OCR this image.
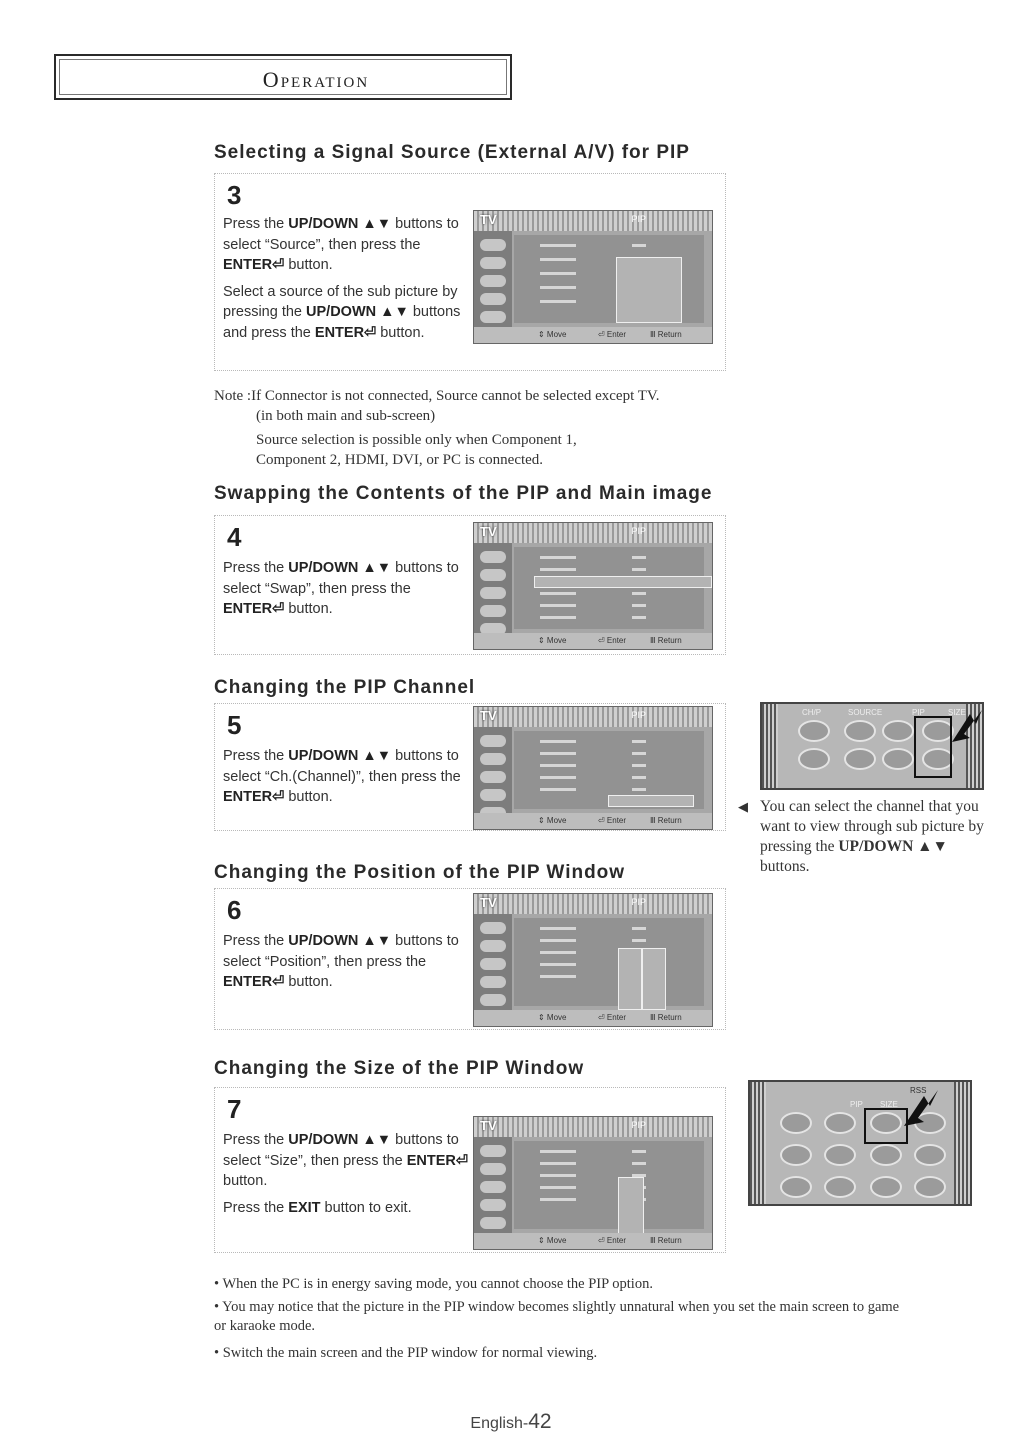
Operation
Selecting a Signal Source (External A/V) for PIP
3

Press the UP/DOWN ▲▼ buttons to select “Source”, then press the ENTER⏎ button.

Select a source of the sub picture by pressing the UP/DOWN ▲▼ buttons and press the ENTER⏎ button.

TV	PIP
⇕ Move	⏎ Enter	Ⅲ Return
Note :If Connector is not connected, Source cannot be selected except TV.
(in both main and sub-screen)
Source selection is possible only when Component 1,
Component 2, HDMI, DVI, or PC is connected.
Swapping the Contents of the PIP and Main image
4

Press the UP/DOWN ▲▼ buttons to select “Swap”, then press the ENTER⏎ button.

TV	PIP
⇕ Move	⏎ Enter	Ⅲ Return
Changing the PIP Channel
5

Press the UP/DOWN ▲▼ buttons to select “Ch.(Channel)”, then press the ENTER⏎ button.

TV	PIP
⇕ Move	⏎ Enter	Ⅲ Return
CH/P	SOURCE	PIP	SIZE
◀ You can select the channel that you want to view through sub picture by pressing the UP/DOWN ▲▼ buttons.
Changing the Position of the PIP Window
6

Press the UP/DOWN ▲▼ buttons to select “Position”, then press the ENTER⏎ button.

TV	PIP
⇕ Move	⏎ Enter	Ⅲ Return
Changing the Size of the PIP Window
7

Press the UP/DOWN ▲▼ buttons to select “Size”, then press the ENTER⏎ button.

Press the EXIT button to exit.

TV	PIP
⇕ Move	⏎ Enter	Ⅲ Return
RSS
PIP SIZE
• When the PC is in energy saving mode, you cannot choose the PIP option.
• You may notice that the picture in the PIP window becomes slightly unnatural when you set the main screen to game or karaoke mode.
• Switch the main screen and the PIP window for normal viewing.
English-42
